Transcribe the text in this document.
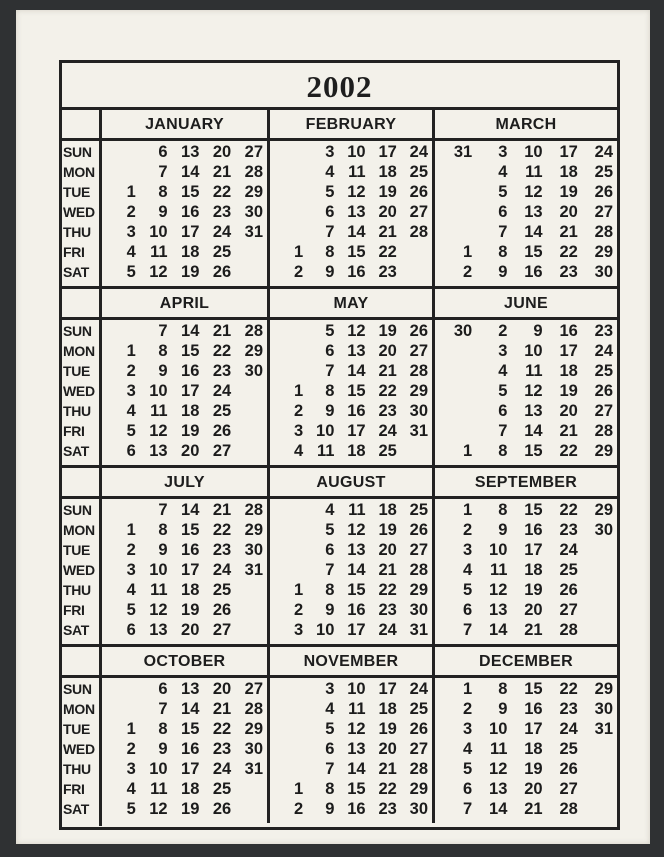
2002
SUN
MON
TUE
WED
THU
FRI
SAT
JANUARY
1
2
3
4
5
6
7
8
9
10
11
12
13
14
15
16
17
18
19
20
21
22
23
24
25
26
27
28
29
30
31
FEBRUARY
1
2
3
4
5
6
7
8
9
10
11
12
13
14
15
16
17
18
19
20
21
22
23
24
25
26
27
28
MARCH
31
1
2
3
4
5
6
7
8
9
10
11
12
13
14
15
16
17
18
19
20
21
22
23
24
25
26
27
28
29
30
SUN
MON
TUE
WED
THU
FRI
SAT
APRIL
1
2
3
4
5
6
7
8
9
10
11
12
13
14
15
16
17
18
19
20
21
22
23
24
25
26
27
28
29
30
MAY
1
2
3
4
5
6
7
8
9
10
11
12
13
14
15
16
17
18
19
20
21
22
23
24
25
26
27
28
29
30
31
JUNE
30
1
2
3
4
5
6
7
8
9
10
11
12
13
14
15
16
17
18
19
20
21
22
23
24
25
26
27
28
29
SUN
MON
TUE
WED
THU
FRI
SAT
JULY
1
2
3
4
5
6
7
8
9
10
11
12
13
14
15
16
17
18
19
20
21
22
23
24
25
26
27
28
29
30
31
AUGUST
1
2
3
4
5
6
7
8
9
10
11
12
13
14
15
16
17
18
19
20
21
22
23
24
25
26
27
28
29
30
31
SEPTEMBER
1
2
3
4
5
6
7
8
9
10
11
12
13
14
15
16
17
18
19
20
21
22
23
24
25
26
27
28
29
30
SUN
MON
TUE
WED
THU
FRI
SAT
OCTOBER
1
2
3
4
5
6
7
8
9
10
11
12
13
14
15
16
17
18
19
20
21
22
23
24
25
26
27
28
29
30
31
NOVEMBER
1
2
3
4
5
6
7
8
9
10
11
12
13
14
15
16
17
18
19
20
21
22
23
24
25
26
27
28
29
30
DECEMBER
1
2
3
4
5
6
7
8
9
10
11
12
13
14
15
16
17
18
19
20
21
22
23
24
25
26
27
28
29
30
31
